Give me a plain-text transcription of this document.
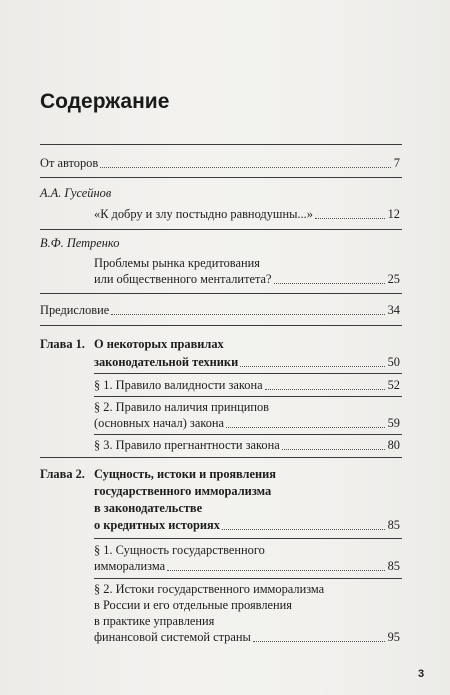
Содержание
От авторов	7
А.А. Гусейнов
«К добру и злу постыдно равнодушны...»	12
В.Ф. Петренко
Проблемы рынка кредитования
или общественного менталитета?	25
Предисловие	34
Глава 1. О некоторых правилах
законодательной техники	50
§ 1. Правило валидности закона	52
§ 2. Правило наличия принципов
(основных начал) закона	59
§ 3. Правило прегнантности закона	80
Глава 2. Сущность, истоки и проявления
государственного имморализма
в законодательстве
о кредитных историях	85
§ 1. Сущность государственного
имморализма	85
§ 2. Истоки государственного имморализма
в России и его отдельные проявления
в практике управления
финансовой системой страны	95
3
